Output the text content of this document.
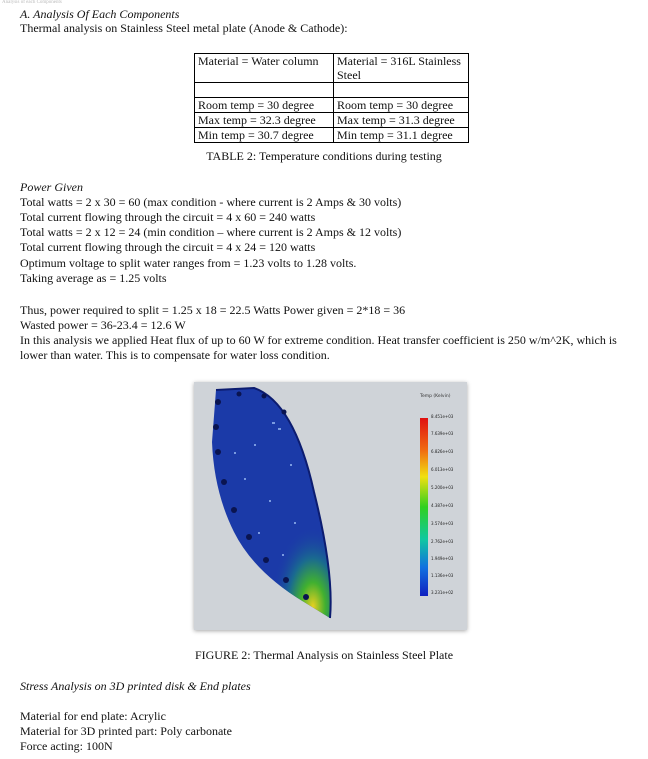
Analysis of each Components
A. Analysis Of Each Components
Thermal analysis on Stainless Steel metal plate (Anode & Cathode):
Material = Water column	Material = 316L Stainless Steel

Room temp = 30 degree	Room temp = 30 degree
Max temp = 32.3 degree	Max temp = 31.3 degree
Min temp = 30.7 degree	Min temp = 31.1 degree
TABLE 2: Temperature conditions during testing
Power Given
Total watts = 2 x 30 = 60 (max condition - where current is 2 Amps & 30 volts)
Total current flowing through the circuit = 4 x 60 = 240 watts
Total watts = 2 x 12 = 24 (min condition – where current is 2 Amps & 12 volts)
Total current flowing through the circuit = 4 x 24 = 120 watts
Optimum voltage to split water ranges from = 1.23 volts to 1.28 volts.
Taking average as = 1.25 volts
Thus, power required to split = 1.25 x 18 = 22.5 Watts Power given = 2*18 = 36
Wasted power = 36-23.4 = 12.6 W
In this analysis we applied Heat flux of up to 60 W for extreme condition. Heat transfer coefficient is 250 w/m^2K, which is lower than water. This is to compensate for water loss condition.
Temp (Kelvin)
8.451e+03
7.639e+03
6.826e+03
6.013e+03
5.200e+03
4.387e+03
3.574e+03
2.762e+03
1.949e+03
1.136e+03
3.231e+02
FIGURE 2: Thermal Analysis on Stainless Steel Plate
Stress Analysis on 3D printed disk & End plates
Material for end plate: Acrylic
Material for 3D printed part: Poly carbonate
Force acting: 100N
